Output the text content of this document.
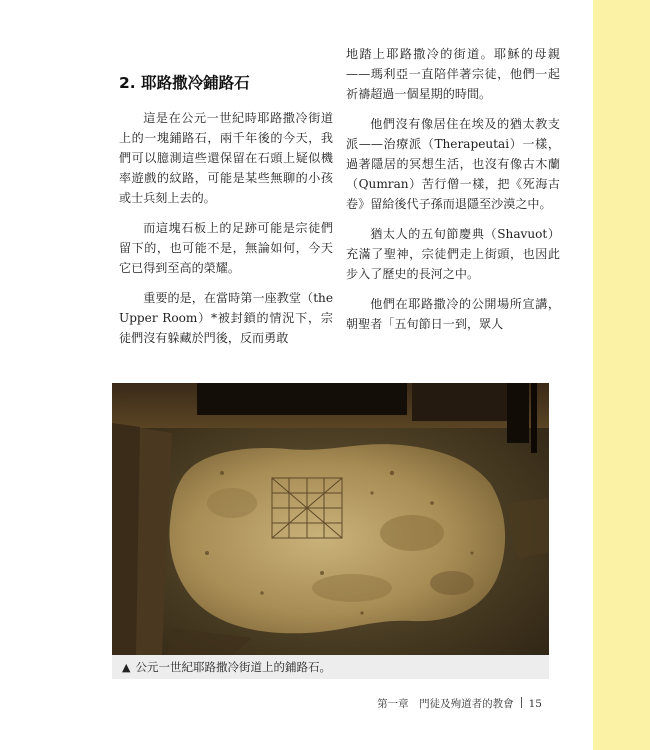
2. 耶路撒冷鋪路石

這是在公元一世紀時耶路撒冷街道上的一塊鋪路石，兩千年後的今天，我們可以臆測這些還保留在石頭上疑似機率遊戲的紋路，可能是某些無聊的小孩或士兵刻上去的。

而這塊石板上的足跡可能是宗徒們留下的，也可能不是，無論如何，今天它已得到至高的榮耀。

重要的是，在當時第一座教堂（the Upper Room）*被封鎖的情況下，宗徒們沒有躲藏於門後，反而勇敢

地踏上耶路撒冷的街道。耶穌的母親——瑪利亞一直陪伴著宗徒，他們一起祈禱超過一個星期的時間。

他們沒有像居住在埃及的猶太教支派——治療派（Therapeutai）一樣，過著隱居的冥想生活，也沒有像古木蘭（Qumran）苦行僧一樣，把《死海古卷》留給後代子孫而退隱至沙漠之中。

猶太人的五旬節慶典（Shavuot）充滿了聖神，宗徒們走上街頭，也因此步入了歷史的長河之中。

他們在耶路撒冷的公開場所宣講，朝聖者「五旬節日一到，眾人

▲ 公元一世紀耶路撒冷街道上的鋪路石。
第一章　門徒及殉道者的教會 15
